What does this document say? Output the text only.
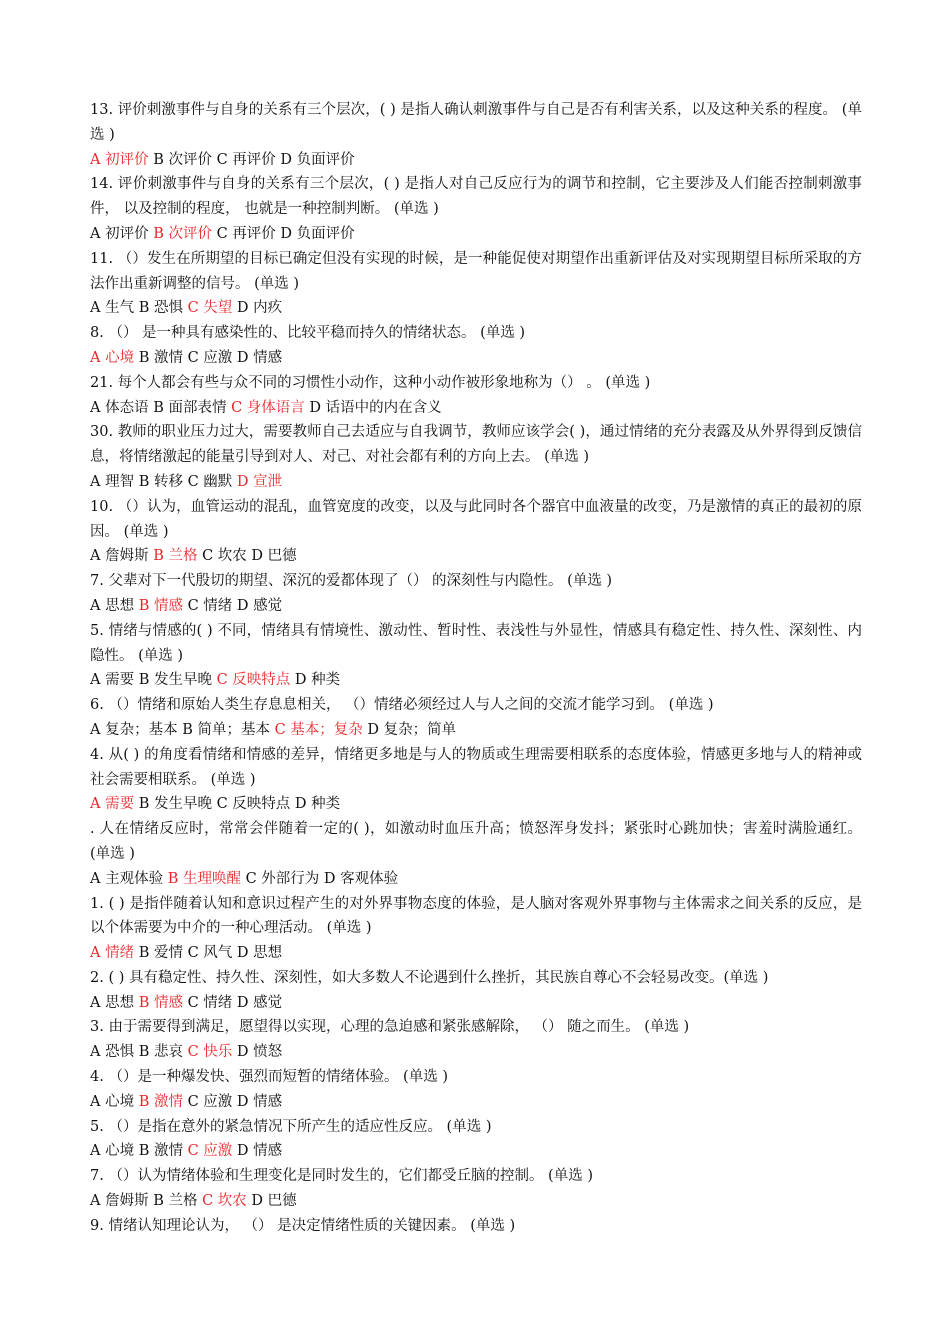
13. 评价刺激事件与自身的关系有三个层次，( ) 是指人确认刺激事件与自己是否有利害关系，以及这种关系的程度。 (单选 )

A 初评价 B 次评价 C 再评价 D 负面评价

14. 评价刺激事件与自身的关系有三个层次，( ) 是指人对自己反应行为的调节和控制，它主要涉及人们能否控制刺激事件， 以及控制的程度， 也就是一种控制判断。 (单选 )

A 初评价 B 次评价 C 再评价 D 负面评价

11. （）发生在所期望的目标已确定但没有实现的时候，是一种能促使对期望作出重新评估及对实现期望目标所采取的方法作出重新调整的信号。 (单选 )

A 生气 B 恐惧 C 失望 D 内疚

8. （） 是一种具有感染性的、比较平稳而持久的情绪状态。 (单选 )

A 心境 B 激情 C 应激 D 情感

21. 每个人都会有些与众不同的习惯性小动作，这种小动作被形象地称为（） 。 (单选 )

A 体态语 B 面部表情 C 身体语言 D 话语中的内在含义

30. 教师的职业压力过大，需要教师自己去适应与自我调节，教师应该学会( )，通过情绪的充分表露及从外界得到反馈信息，将情绪激起的能量引导到对人、对己、对社会都有利的方向上去。 (单选 )

A 理智 B 转移 C 幽默 D 宣泄

10. （）认为，血管运动的混乱，血管宽度的改变，以及与此同时各个器官中血液量的改变，乃是激情的真正的最初的原因。 (单选 )

A 詹姆斯 B 兰格 C 坎农 D 巴德

7. 父辈对下一代殷切的期望、深沉的爱都体现了（） 的深刻性与内隐性。 (单选 )

A 思想 B 情感 C 情绪 D 感觉

5. 情绪与情感的( ) 不同，情绪具有情境性、激动性、暂时性、表浅性与外显性，情感具有稳定性、持久性、深刻性、内隐性。 (单选 )

A 需要 B 发生早晚 C 反映特点 D 种类

6. （）情绪和原始人类生存息息相关， （）情绪必须经过人与人之间的交流才能学习到。 (单选 )

A 复杂；基本 B 简单；基本 C 基本；复杂 D 复杂；简单

4. 从( ) 的角度看情绪和情感的差异，情绪更多地是与人的物质或生理需要相联系的态度体验，情感更多地与人的精神或社会需要相联系。 (单选 )

A 需要 B 发生早晚 C 反映特点 D 种类

. 人在情绪反应时，常常会伴随着一定的( )，如激动时血压升高；愤怒浑身发抖；紧张时心跳加快；害羞时满脸通红。 (单选 )

A 主观体验 B 生理唤醒 C 外部行为 D 客观体验

1. ( ) 是指伴随着认知和意识过程产生的对外界事物态度的体验，是人脑对客观外界事物与主体需求之间关系的反应，是以个体需要为中介的一种心理活动。 (单选 )

A 情绪 B 爱情 C 风气 D 思想

2. ( ) 具有稳定性、持久性、深刻性，如大多数人不论遇到什么挫折，其民族自尊心不会轻易改变。(单选 )

A 思想 B 情感 C 情绪 D 感觉

3. 由于需要得到满足，愿望得以实现，心理的急迫感和紧张感解除， （） 随之而生。 (单选 )

A 恐惧 B 悲哀 C 快乐 D 愤怒

4. （）是一种爆发快、强烈而短暂的情绪体验。 (单选 )

A 心境 B 激情 C 应激 D 情感

5. （）是指在意外的紧急情况下所产生的适应性反应。 (单选 )

A 心境 B 激情 C 应激 D 情感

7. （）认为情绪体验和生理变化是同时发生的，它们都受丘脑的控制。 (单选 )

A 詹姆斯 B 兰格 C 坎农 D 巴德

9. 情绪认知理论认为， （） 是决定情绪性质的关键因素。 (单选 )
